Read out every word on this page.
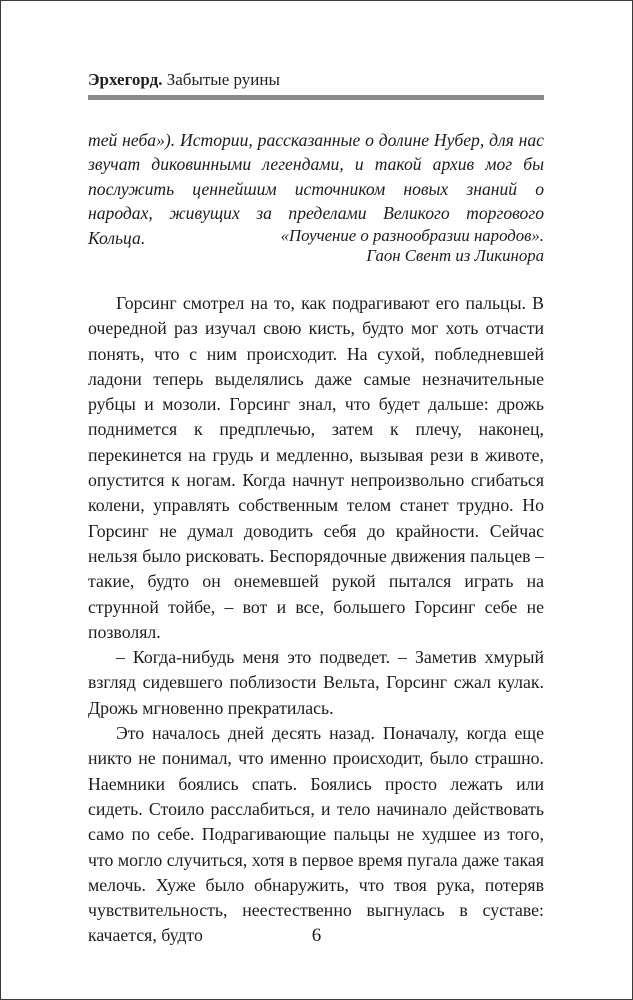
Эрхегорд. Забытые руины

тей неба»). Истории, рассказанные о долине Нубер, для нас звучат диковинными легендами, и такой архив мог бы послужить ценнейшим источником новых знаний о народах, живущих за пределами Великого торгового Кольца.	«Поучение о разнообразии народов».
Гаон Свент из Ликинора

Горсинг смотрел на то, как подрагивают его пальцы. В очередной раз изучал свою кисть, будто мог хоть отчасти понять, что с ним происходит. На сухой, побледневшей ладони теперь выделялись даже самые незначительные рубцы и мозоли. Горсинг знал, что будет дальше: дрожь поднимется к предплечью, затем к плечу, наконец, перекинется на грудь и медленно, вызывая рези в животе, опустится к ногам. Когда начнут непроизвольно сгибаться колени, управлять собственным телом станет трудно. Но Горсинг не думал доводить себя до крайности. Сейчас нельзя было рисковать. Беспорядочные движения пальцев – такие, будто он онемевшей рукой пытался играть на струнной тойбе, – вот и все, большего Горсинг себе не позволял.

– Когда-нибудь меня это подведет. – Заметив хмурый взгляд сидевшего поблизости Вельта, Горсинг сжал кулак. Дрожь мгновенно прекратилась.

Это началось дней десять назад. Поначалу, когда еще никто не понимал, что именно происходит, было страшно. Наемники боялись спать. Боялись просто лежать или сидеть. Стоило расслабиться, и тело начинало действовать само по себе. Подрагивающие пальцы не худшее из того, что могло случиться, хотя в первое время пугала даже такая мелочь. Хуже было обнаружить, что твоя рука, потеряв чувствительность, неестественно выгнулась в суставе: качается, будто	6
